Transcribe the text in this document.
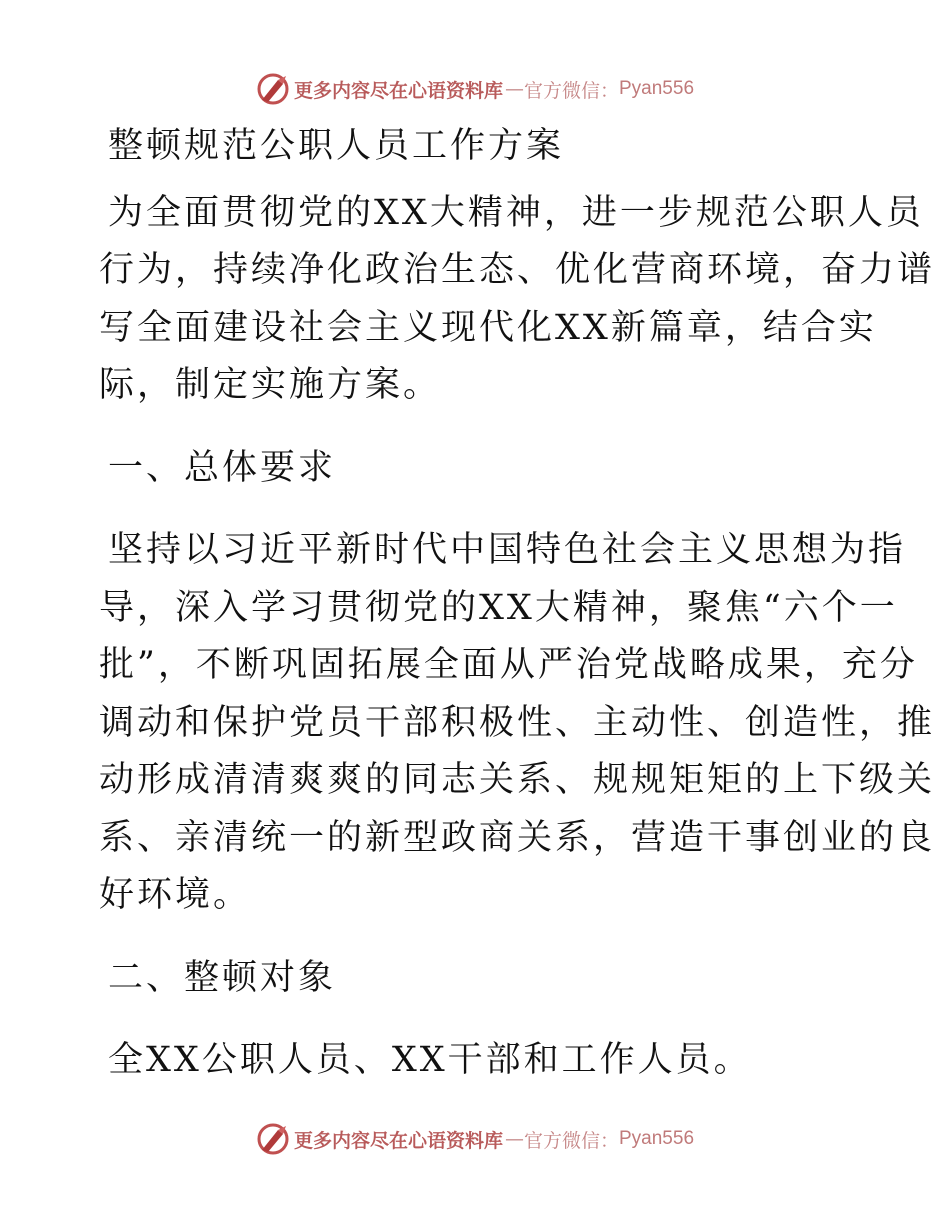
更多内容尽在心语资料库 — 官方微信： Pyan556

整顿规范公职人员工作方案

为全面贯彻党的XX大精神，进一步规范公职人员

行为，持续净化政治生态、优化营商环境，奋力谱

写全面建设社会主义现代化XX新篇章，结合实

际，制定实施方案。

一、总体要求

坚持以习近平新时代中国特色社会主义思想为指

导，深入学习贯彻党的XX大精神，聚焦“六个一

批”，不断巩固拓展全面从严治党战略成果，充分

调动和保护党员干部积极性、主动性、创造性，推

动形成清清爽爽的同志关系、规规矩矩的上下级关

系、亲清统一的新型政商关系，营造干事创业的良

好环境。

二、整顿对象

全XX公职人员、XX干部和工作人员。

更多内容尽在心语资料库 — 官方微信： Pyan556
